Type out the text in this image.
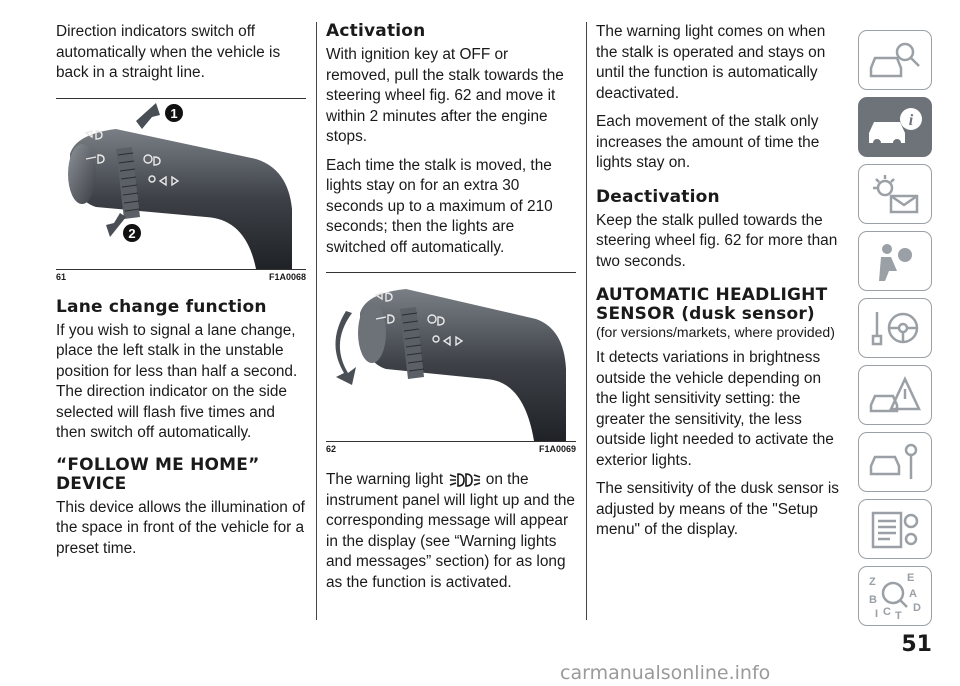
Direction indicators switch off automatically when the vehicle is back in a straight line.

1
2
61	F1A0068
Lane change function

If you wish to signal a lane change, place the left stalk in the unstable position for less than half a second. The direction indicator on the side selected will flash five times and then switch off automatically.

“FOLLOW ME HOME” DEVICE

This device allows the illumination of the space in front of the vehicle for a preset time.

Activation

With ignition key at OFF or removed, pull the stalk towards the steering wheel fig. 62 and move it within 2 minutes after the engine stops.

Each time the stalk is moved, the lights stay on for an extra 30 seconds up to a maximum of 210 seconds; then the lights are switched off automatically.

62	F1A0069

The warning light	on the instrument panel will light up and the corresponding message will appear in the display (see “Warning lights and messages” section) for as long as the function is activated.

The warning light comes on when the stalk is operated and stays on until the function is automatically deactivated.

Each movement of the stalk only increases the amount of time the lights stay on.

Deactivation

Keep the stalk pulled towards the steering wheel fig. 62 for more than two seconds.

AUTOMATIC HEADLIGHT SENSOR (dusk sensor)
(for versions/markets, where provided)

It detects variations in brightness outside the vehicle depending on the light sensitivity setting: the greater the sensitivity, the less outside light needed to activate the exterior lights.

The sensitivity of the dusk sensor is adjusted by means of the "Setup menu" of the display.

i
Z	E
A
B
D
I C T
51
carmanualsonline.info
